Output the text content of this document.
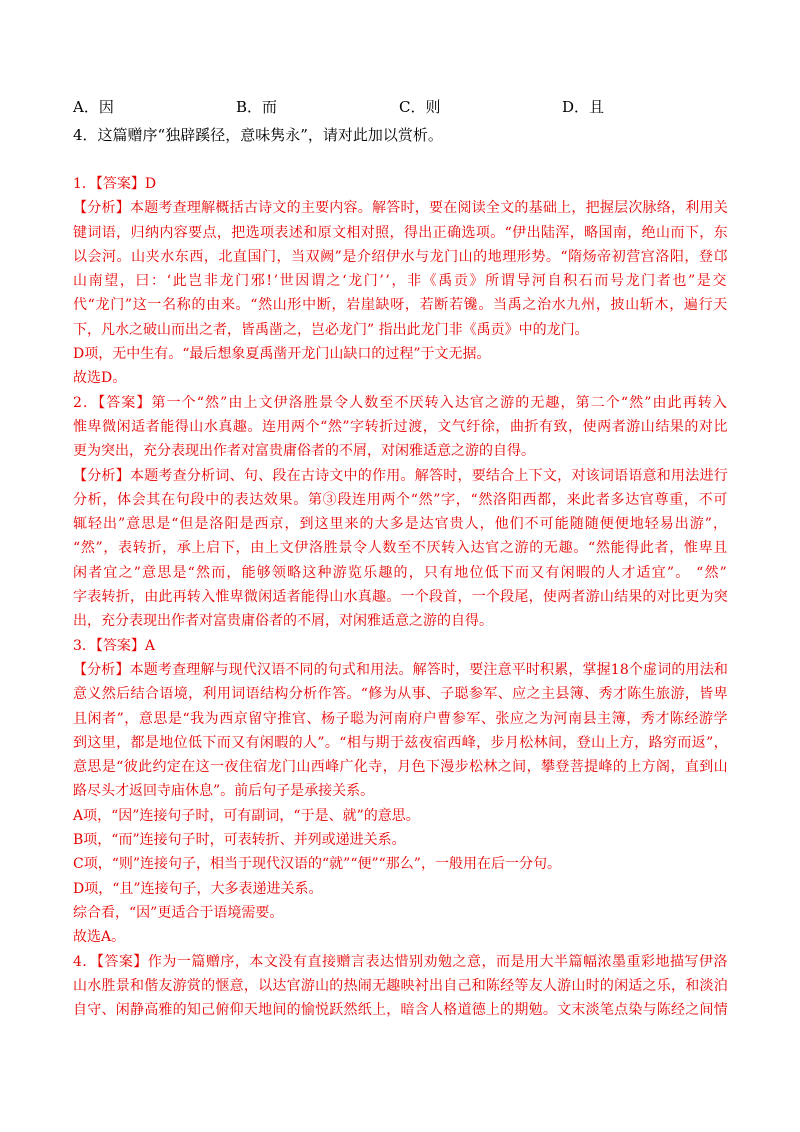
A．因	B．而	C．则	D．且
4．这篇赠序“独辟蹊径，意味隽永”，请对此加以赏析。
1．【答案】D
【分析】本题考查理解概括古诗文的主要内容。解答时，要在阅读全文的基础上，把握层次脉络，利用关
键词语，归纳内容要点，把选项表述和原文相对照，得出正确选项。“伊出陆浑，略国南，绝山而下，东
以会河。山夹水东西，北直国门，当双阙”是介绍伊水与龙门山的地理形势。“隋炀帝初营宫洛阳，登邙
山南望，曰：‘此岂非龙门邪!’世因谓之‘龙门’’，非《禹贡》所谓导河自积石而号龙门者也”是交
代“龙门”这一名称的由来。“然山形中断，岩崖缺呀，若断若镵。当禹之治水九州，披山斩木，遍行天
下，凡水之破山而出之者，皆禹凿之，岂必龙门” 指出此龙门非《禹贡》中的龙门。
D项，无中生有。“最后想象夏禹凿开龙门山缺口的过程”于文无据。
故选D。
2．【答案】第一个“然”由上文伊洛胜景令人数至不厌转入达官之游的无趣，第二个“然”由此再转入
惟卑微闲适者能得山水真趣。连用两个“然”字转折过渡，文气纡徐，曲折有致，使两者游山结果的对比
更为突出，充分表现出作者对富贵庸俗者的不屑，对闲雅适意之游的自得。
【分析】本题考查分析词、句、段在古诗文中的作用。解答时，要结合上下文，对该词语语意和用法进行
分析，体会其在句段中的表达效果。第③段连用两个“然”字，“然洛阳西都，来此者多达官尊重，不可
辄轻出”意思是“但是洛阳是西京，到这里来的大多是达官贵人，他们不可能随随便便地轻易出游”，
“然”，表转折，承上启下，由上文伊洛胜景令人数至不厌转入达官之游的无趣。“然能得此者，惟卑且
闲者宜之”意思是“然而，能够领略这种游览乐趣的，只有地位低下而又有闲暇的人才适宜”。 “然”
字表转折，由此再转入惟卑微闲适者能得山水真趣。一个段首，一个段尾，使两者游山结果的对比更为突
出，充分表现出作者对富贵庸俗者的不屑，对闲雅适意之游的自得。
3．【答案】A
【分析】本题考查理解与现代汉语不同的句式和用法。解答时，要注意平时积累，掌握18个虚词的用法和
意义然后结合语境，利用词语结构分析作答。“修为从事、子聪参军、应之主县簿、秀才陈生旅游，皆卑
且闲者”，意思是“我为西京留守推官、杨子聪为河南府户曹参军、张应之为河南县主簿，秀才陈经游学
到这里，都是地位低下而又有闲暇的人”。“相与期于兹夜宿西峰，步月松林间，登山上方，路穷而返”，
意思是“彼此约定在这一夜住宿龙门山西峰广化寺，月色下漫步松林之间，攀登菩提峰的上方阁，直到山
路尽头才返回寺庙休息”。前后句子是承接关系。
A项，“因”连接句子时，可有副词，“于是、就”的意思。
B项，“而”连接句子时，可表转折、并列或递进关系。
C项，“则”连接句子，相当于现代汉语的“就”“便”“那么”，一般用在后一分句。
D项，“且”连接句子，大多表递进关系。
综合看，“因”更适合于语境需要。
故选A。
4．【答案】作为一篇赠序，本文没有直接赠言表达惜别劝勉之意，而是用大半篇幅浓墨重彩地描写伊洛
山水胜景和偕友游赏的惬意，以达官游山的热闹无趣映衬出自己和陈经等友人游山时的闲适之乐，和淡泊
自守、闲静高雅的知己俯仰天地间的愉悦跃然纸上，暗含人格道德上的期勉。文末淡笔点染与陈经之间情
